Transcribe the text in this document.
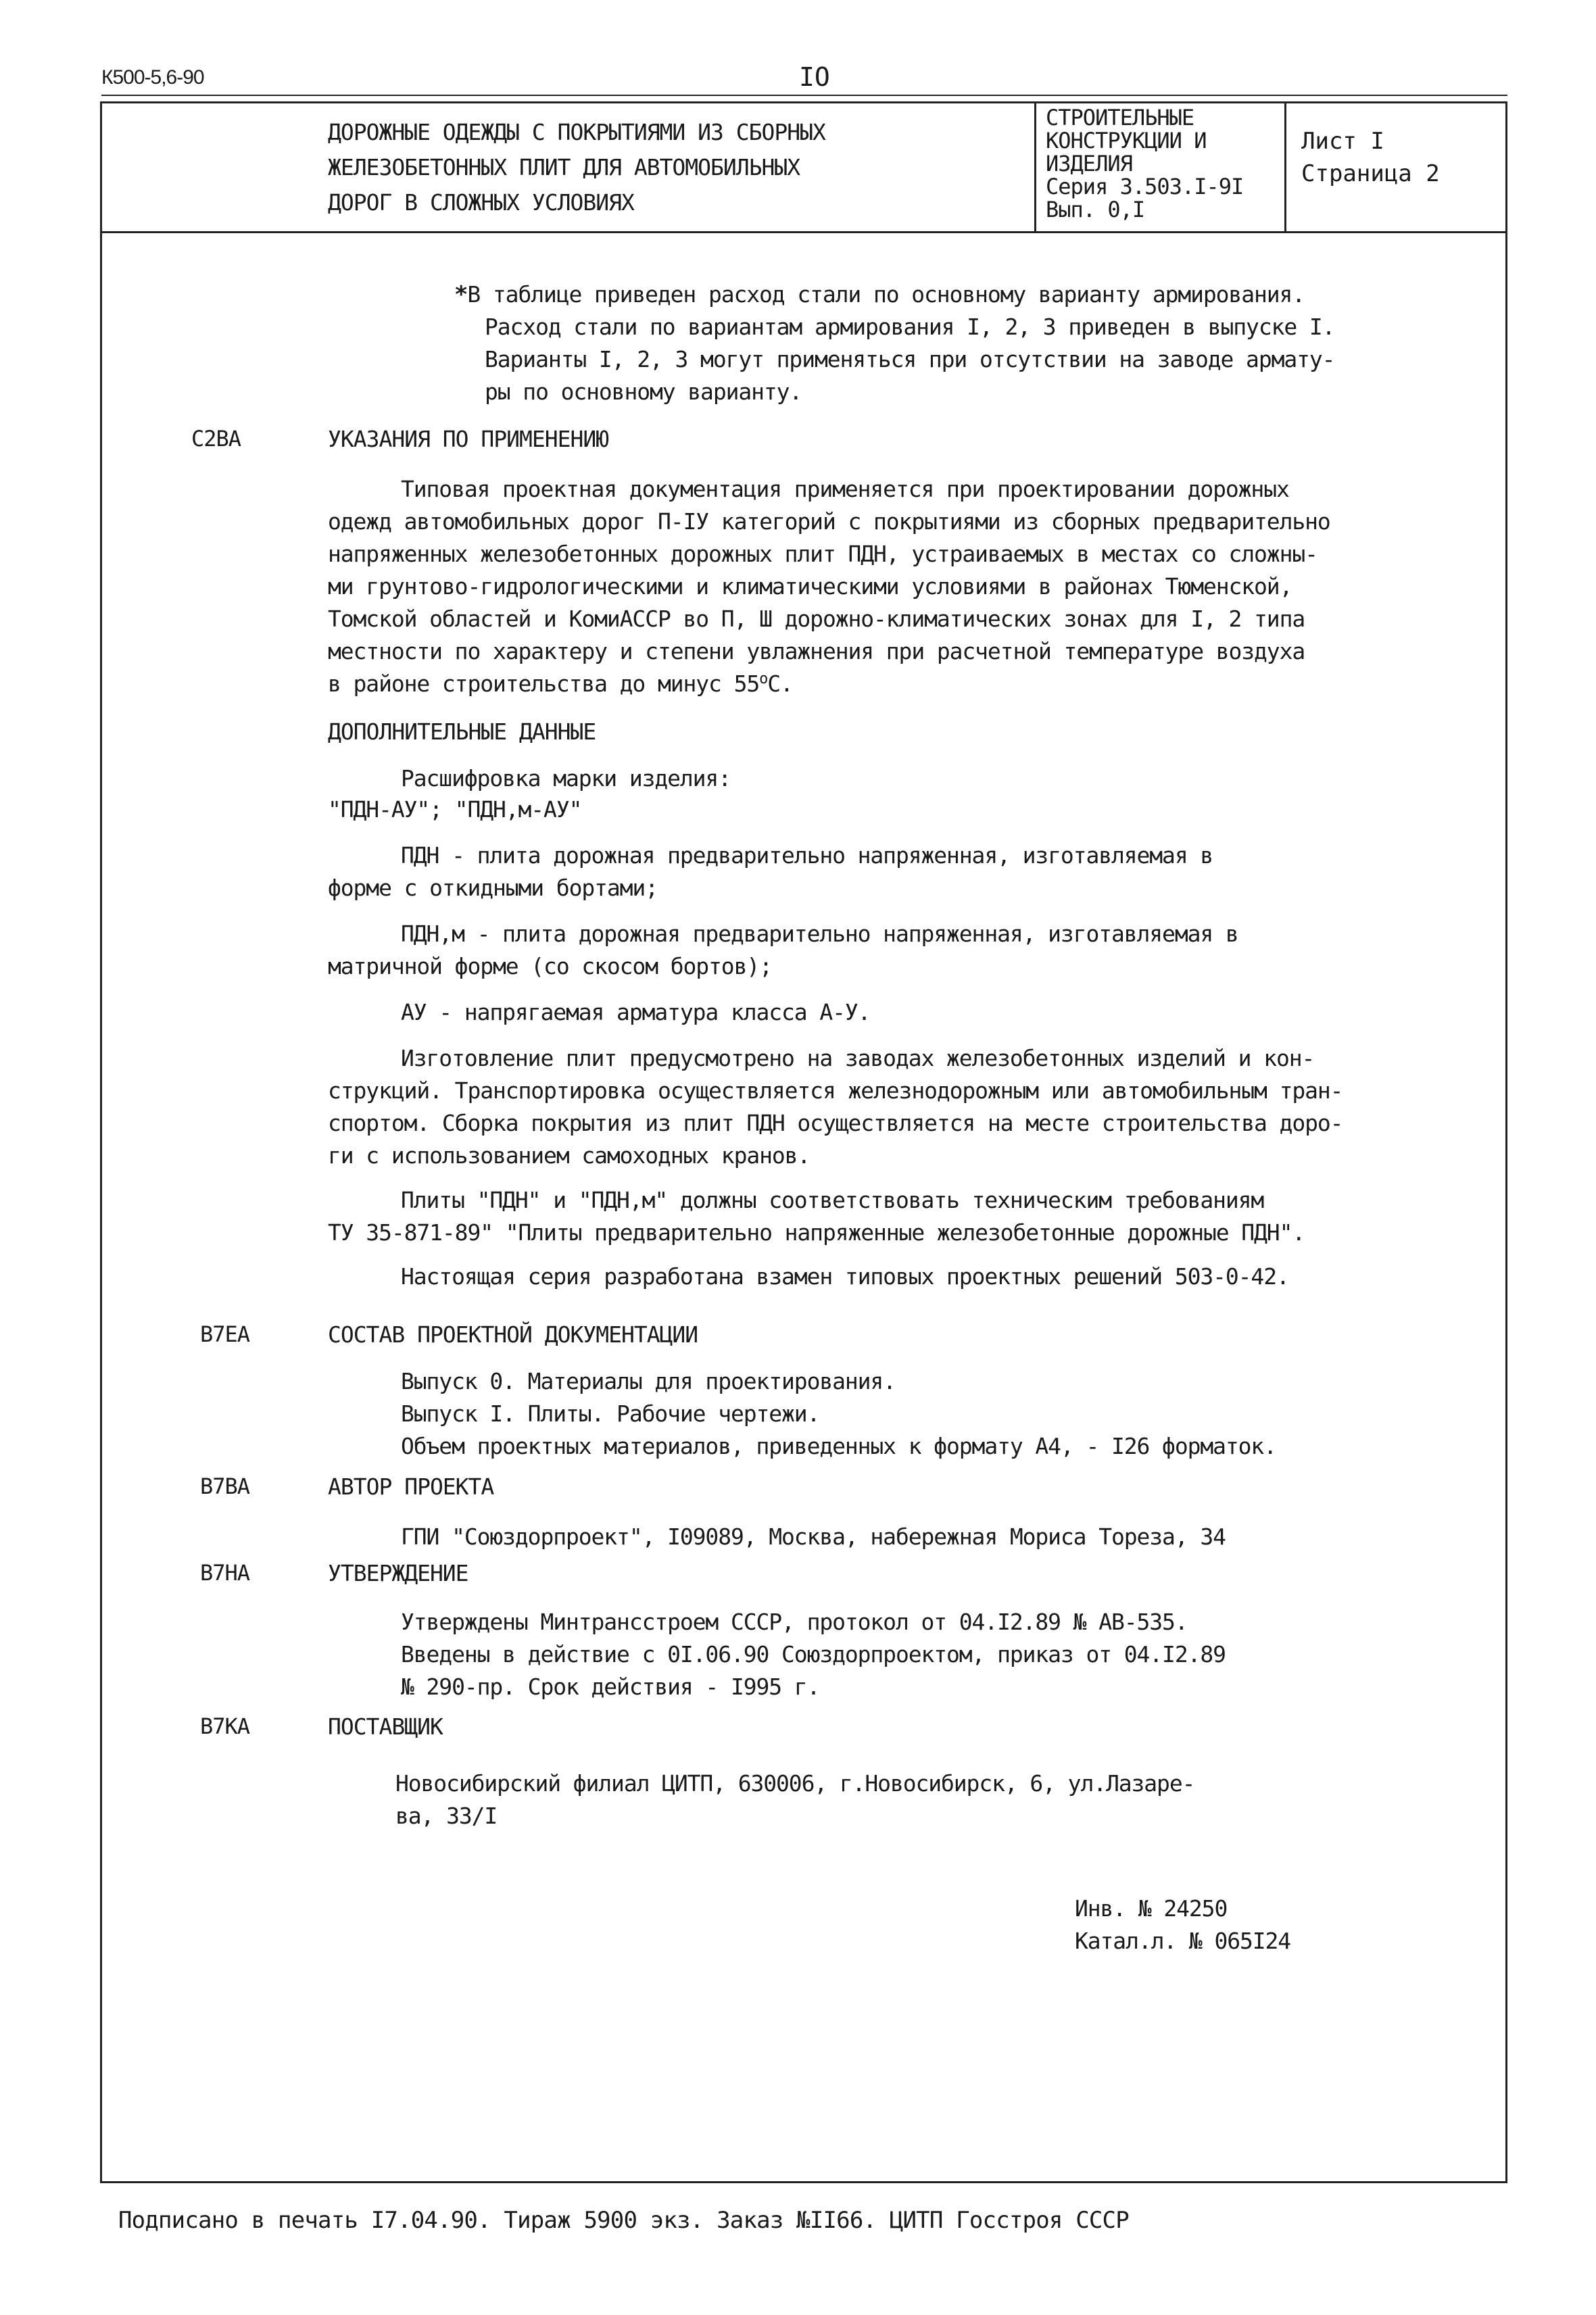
К500-5,6-90	IO
ДОРОЖНЫЕ ОДЕЖДЫ С ПОКРЫТИЯМИ ИЗ СБОРНЫХ
ЖЕЛЕЗОБЕТОННЫХ ПЛИТ ДЛЯ АВТОМОБИЛЬНЫХ
ДОРОГ В СЛОЖНЫХ УСЛОВИЯХ
СТРОИТЕЛЬНЫЕ
КОНСТРУКЦИИ И
ИЗДЕЛИЯ
Серия 3.503.I-9I
Вып. 0,I
Лист I
Страница 2
*В таблице приведен расход стали по основному варианту армирования.
Расход стали по вариантам армирования I, 2, 3 приведен в выпуске I.
Варианты I, 2, 3 могут применяться при отсутствии на заводе армату-
ры по основному варианту.
С2ВА	УКАЗАНИЯ ПО ПРИМЕНЕНИЮ
Типовая проектная документация применяется при проектировании дорожных
одежд автомобильных дорог П-IУ категорий с покрытиями из сборных предварительно
напряженных железобетонных дорожных плит ПДН, устраиваемых в местах со сложны-
ми грунтово-гидрологическими и климатическими условиями в районах Тюменской,
Томской областей и КомиАССР во П, Ш дорожно-климатических зонах для I, 2 типа
местности по характеру и степени увлажнения при расчетной температуре воздуха
в районе строительства до минус $55^оС$.
ДОПОЛНИТЕЛЬНЫЕ ДАННЫЕ
Расшифровка марки изделия:
"ПДН-АУ"; "ПДН,м-АУ"
ПДН - плита дорожная предварительно напряженная, изготавляемая в
форме с откидными бортами;
ПДН,м - плита дорожная предварительно напряженная, изготавляемая в
матричной форме (со скосом бортов);
АУ - напрягаемая арматура класса А-У.
Изготовление плит предусмотрено на заводах железобетонных изделий и кон-
струкций. Транспортировка осуществляется железнодорожным или автомобильным тран-
спортом. Сборка покрытия из плит ПДН осуществляется на месте строительства доро-
ги с использованием самоходных кранов.
Плиты "ПДН" и "ПДН,м" должны соответствовать техническим требованиям
ТУ 35-871-89" "Плиты предварительно напряженные железобетонные дорожные ПДН".
Настоящая серия разработана взамен типовых проектных решений 503-0-42.
В7ЕА	СОСТАВ ПРОЕКТНОЙ ДОКУМЕНТАЦИИ
Выпуск 0. Материалы для проектирования.
Выпуск I. Плиты. Рабочие чертежи.
Объем проектных материалов, приведенных к формату А4, - I26 форматок.
В7ВА	АВТОР ПРОЕКТА
ГПИ "Союздорпроект", I09089, Москва, набережная Мориса Тореза, 34
В7НА	УТВЕРЖДЕНИЕ
Утверждены Минтрансстроем СССР, протокол от 04.I2.89 № АВ-535.
Введены в действие с 0I.06.90 Союздорпроектом, приказ от 04.I2.89
№ 290-пр. Срок действия - I995 г.
В7КА	ПОСТАВЩИК
Новосибирский филиал ЦИТП, 630006, г.Новосибирск, 6, ул.Лазаре-
ва, 33/I
Инв. № 24250
Катал.л. № 065I24
Подписано в печать I7.04.90. Тираж 5900 экз. Заказ №II66. ЦИТП Госстроя СССР
